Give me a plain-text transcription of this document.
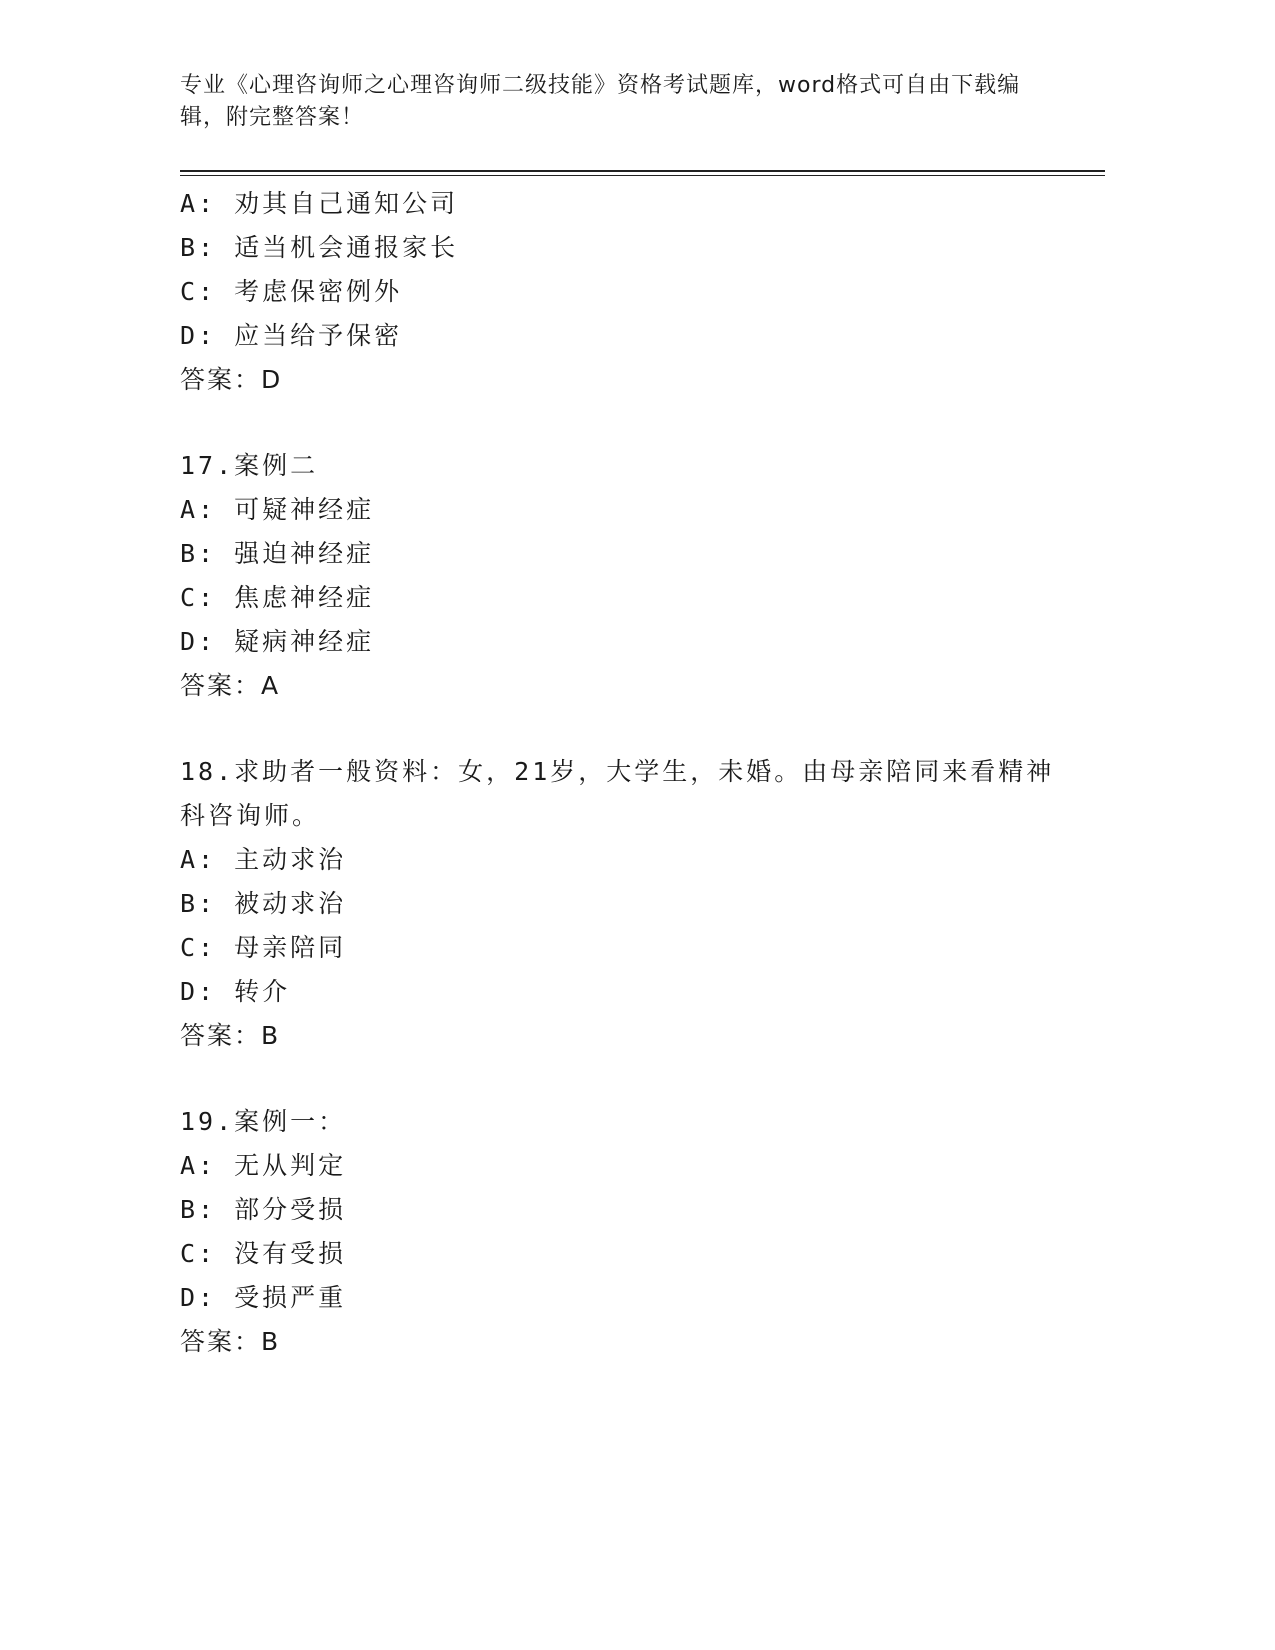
专业《心理咨询师之心理咨询师二级技能》资格考试题库，word格式可自由下载编辑，附完整答案！
A: 劝其自己通知公司
B: 适当机会通报家长
C: 考虑保密例外
D: 应当给予保密
答案：D
17.案例二
A: 可疑神经症
B: 强迫神经症
C: 焦虑神经症
D: 疑病神经症
答案：A
18.求助者一般资料：女，21岁，大学生，未婚。由母亲陪同来看精神科咨询师。
A: 主动求治
B: 被动求治
C: 母亲陪同
D: 转介
答案：B
19.案例一：
A: 无从判定
B: 部分受损
C: 没有受损
D: 受损严重
答案：B
